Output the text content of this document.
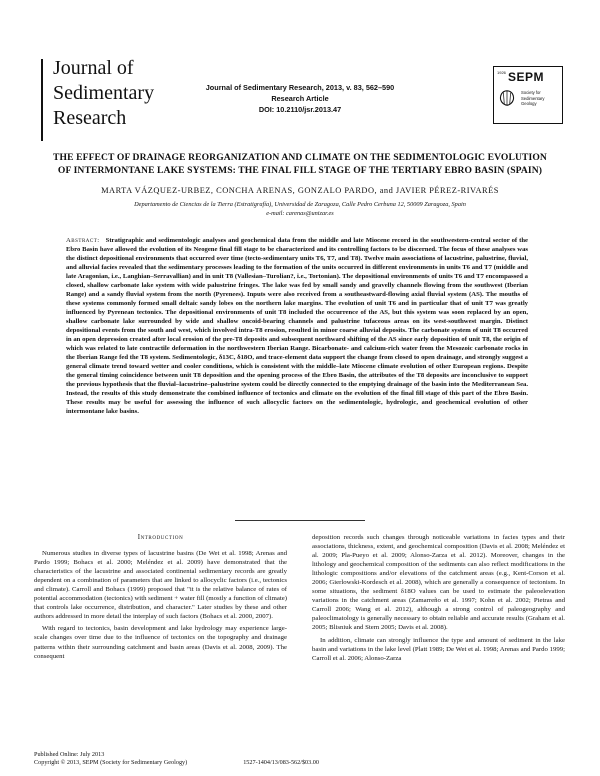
Journal of
Sedimentary
Research
Journal of Sedimentary Research, 2013, v. 83, 562–590
Research Article
DOI: 10.2110/jsr.2013.47
1926 SEPM
Society for Sedimentary Geology
THE EFFECT OF DRAINAGE REORGANIZATION AND CLIMATE ON THE SEDIMENTOLOGIC EVOLUTION
OF INTERMONTANE LAKE SYSTEMS: THE FINAL FILL STAGE OF THE TERTIARY EBRO BASIN (SPAIN)
MARTA VÁZQUEZ-URBEZ, CONCHA ARENAS, GONZALO PARDO, and JAVIER PÉREZ-RIVARÉS
Departamento de Ciencias de la Tierra (Estratigrafía), Universidad de Zaragoza, Calle Pedro Cerbuna 12, 50009 Zaragoza, Spain
e-mail: carenas@unizar.es
Abstract: Stratigraphic and sedimentologic analyses and geochemical data from the middle and late Miocene record in the southwestern-central sector of the Ebro Basin have allowed the evolution of its Neogene final fill stage to be characterized and its controlling factors to be discerned. The focus of these analyses was the distinct depositional environments that occurred over time (tecto-sedimentary units T6, T7, and T8). Twelve main associations of lacustrine, palustrine, fluvial, and alluvial facies revealed that the sedimentary processes leading to the formation of the units occurred in different environments in units T6 and T7 (middle and late Aragonian, i.e., Langhian–Serravallian) and in unit T8 (Vallesian–Turolian?, i.e., Tortonian). The depositional environments of units T6 and T7 encompassed a closed, shallow carbonate lake system with wide palustrine fringes. The lake was fed by small sandy and gravelly channels flowing from the southwest (Iberian Range) and a sandy fluvial system from the north (Pyrenees). Inputs were also received from a southeastward-flowing axial fluvial system (AS). The mouths of these systems commonly formed small deltaic sandy lobes on the northern lake margins. The evolution of unit T6 and in particular that of unit T7 was greatly influenced by Pyrenean tectonics. The depositional environments of unit T8 included the occurrence of the AS, but this system was soon replaced by an open, shallow carbonate lake surrounded by wide and shallow oncoid-bearing channels and palustrine tufaceous areas on its west-southwest margin. Distinct depositional events from the south and west, which involved intra-T8 erosion, resulted in minor coarse alluvial deposits. The carbonate system of unit T8 occurred in an open depression created after local erosion of the pre-T8 deposits and subsequent northward shifting of the AS since early deposition of unit T8, the origin of which was related to late contractile deformation in the northwestern Iberian Range. Bicarbonate- and calcium-rich water from the Mesozoic carbonate rocks in the Iberian Range fed the T8 system. Sedimentologic, δ13C, δ18O, and trace-element data support the change from closed to open drainage, and strongly suggest a general climate trend toward wetter and cooler conditions, which is consistent with the middle–late Miocene climate evolution of other European regions. Despite the general timing coincidence between unit T8 deposition and the opening process of the Ebro Basin, the attributes of the T8 deposits are inconclusive to support the previous hypothesis that the fluvial–lacustrine–palustrine system could be directly connected to the emptying drainage of the basin into the Mediterranean Sea. Instead, the results of this study demonstrate the combined influence of tectonics and climate on the evolution of the final fill stage of this part of the Ebro Basin. These results may be useful for assessing the influence of such allocyclic factors on the sedimentologic, hydrologic, and geochemical evolution of other intermontane lake basins.
Introduction

Numerous studies in diverse types of lacustrine basins (De Wet et al. 1998; Arenas and Pardo 1999; Bohacs et al. 2000; Meléndez et al. 2009) have demonstrated that the characteristics of the lacustrine and associated continental sedimentary records are greatly dependent on a combination of parameters that are linked to allocyclic factors (i.e., tectonics and climate). Carroll and Bohacs (1999) proposed that "it is the relative balance of rates of potential accommodation (tectonics) with sediment + water fill (mostly a function of climate) that controls lake occurrence, distribution, and character." Later studies by these and other authors addressed in more detail the interplay of such factors (Bohacs et al. 2000, 2007).

With regard to tectonics, basin development and lake hydrology may experience large-scale changes over time due to the influence of tectonics on the topography and drainage patterns within their surrounding catchment and basin areas (Davis et al. 2008, 2009). The consequent

deposition records such changes through noticeable variations in facies types and their associations, thickness, extent, and geochemical composition (Davis et al. 2008; Meléndez et al. 2009; Pla-Pueyo et al. 2009; Alonso-Zarza et al. 2012). Moreover, changes in the lithology and geochemical composition of the sediments can also reflect modifications in the lithologic compositions and/or elevations of the catchment areas (e.g., Kent-Corson et al. 2006; Gierlowski-Kordesch et al. 2008), which are generally a consequence of tectonism. In some situations, the sediment δ18O values can be used to estimate the paleoelevation variations in the catchment areas (Zamarreño et al. 1997; Kohn et al. 2002; Pietras and Carroll 2006; Wang et al. 2012), although a strong control of paleogeography and paleoclimatology is generally necessary to obtain reliable and accurate results (Graham et al. 2005; Blisniuk and Stern 2005; Davis et al. 2008).

In addition, climate can strongly influence the type and amount of sediment in the lake basin and variations in the lake level (Platt 1989; De Wet et al. 1998; Arenas and Pardo 1999; Carroll et al. 2006; Alonso-Zarza

Published Online: July 2013
Copyright © 2013, SEPM (Society for Sedimentary Geology)	1527-1404/13/083-562/$03.00
